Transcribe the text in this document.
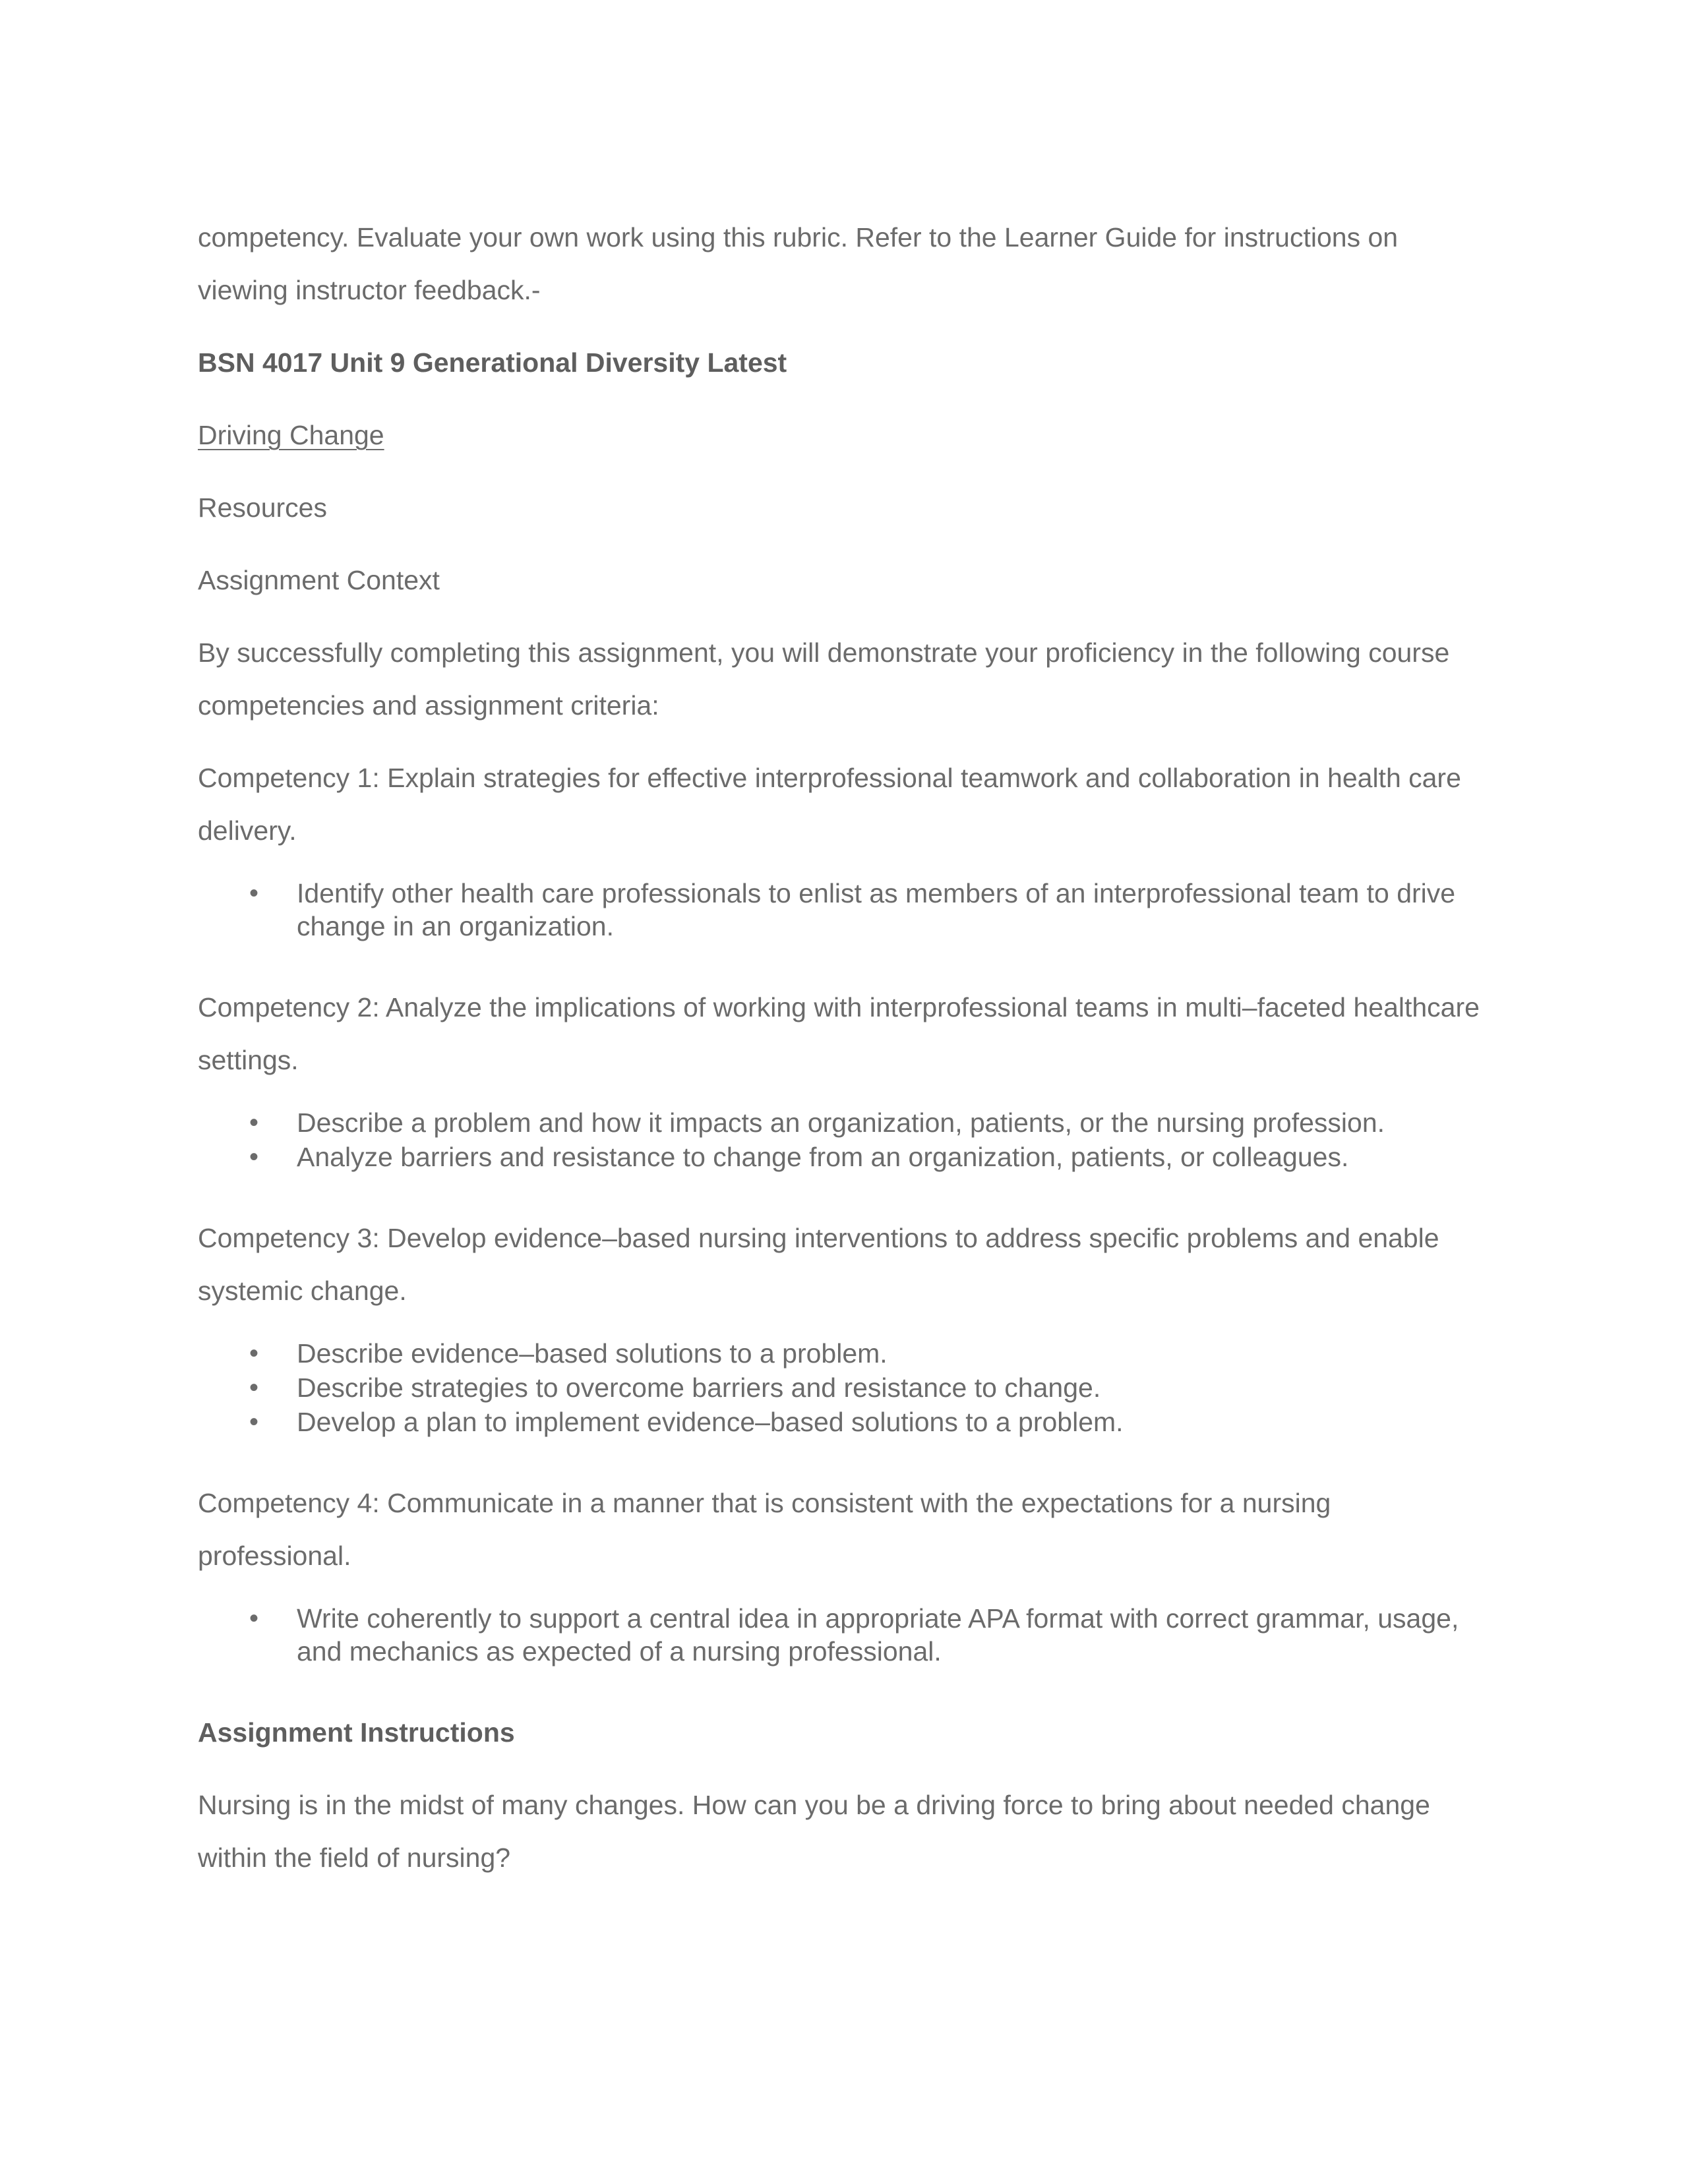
competency. Evaluate your own work using this rubric. Refer to the Learner Guide for instructions on viewing instructor feedback.-

BSN 4017 Unit 9 Generational Diversity Latest

Driving Change

Resources

Assignment Context

By successfully completing this assignment, you will demonstrate your proficiency in the following course competencies and assignment criteria:

Competency 1: Explain strategies for effective interprofessional teamwork and collaboration in health care delivery.

• Identify other health care professionals to enlist as members of an interprofessional team to drive change in an organization.

Competency 2: Analyze the implications of working with interprofessional teams in multi–faceted healthcare settings.

• Describe a problem and how it impacts an organization, patients, or the nursing profession.
• Analyze barriers and resistance to change from an organization, patients, or colleagues.

Competency 3: Develop evidence–based nursing interventions to address specific problems and enable systemic change.

• Describe evidence–based solutions to a problem.
• Describe strategies to overcome barriers and resistance to change.
• Develop a plan to implement evidence–based solutions to a problem.

Competency 4: Communicate in a manner that is consistent with the expectations for a nursing professional.

• Write coherently to support a central idea in appropriate APA format with correct grammar, usage, and mechanics as expected of a nursing professional.

Assignment Instructions

Nursing is in the midst of many changes. How can you be a driving force to bring about needed change within the field of nursing?
